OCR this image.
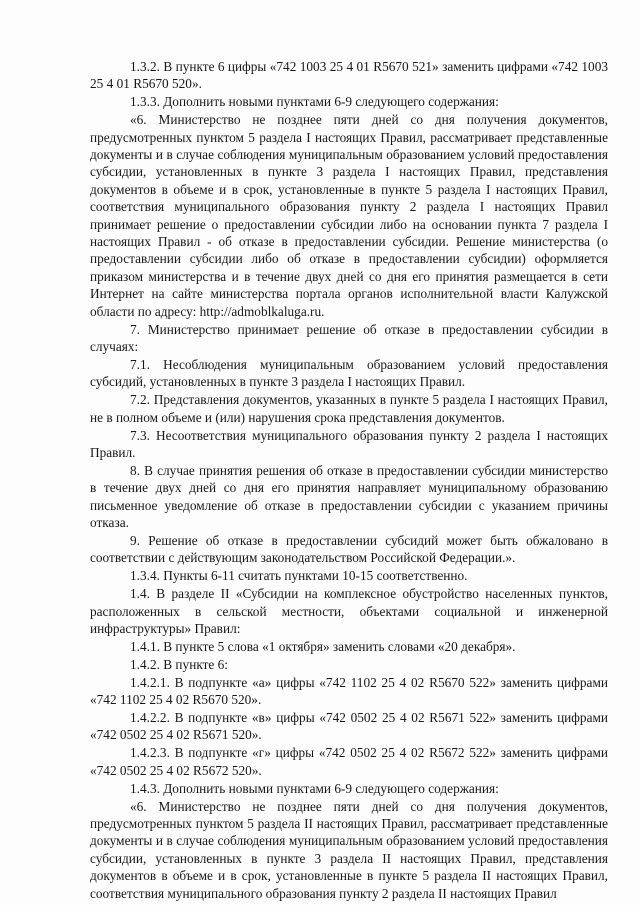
1.3.2. В пункте 6 цифры «742 1003 25 4 01 R5670 521» заменить цифрами «742 1003 25 4 01 R5670 520».

1.3.3. Дополнить новыми пунктами 6-9 следующего содержания:

«6. Министерство не позднее пяти дней со дня получения документов, предусмотренных пунктом 5 раздела I настоящих Правил, рассматривает представленные документы и в случае соблюдения муниципальным образованием условий предоставления субсидии, установленных в пункте 3 раздела I настоящих Правил, представления документов в объеме и в срок, установленные в пункте 5 раздела I настоящих Правил, соответствия муниципального образования пункту 2 раздела I настоящих Правил принимает решение о предоставлении субсидии либо на основании пункта 7 раздела I настоящих Правил - об отказе в предоставлении субсидии. Решение министерства (о предоставлении субсидии либо об отказе в предоставлении субсидии) оформляется приказом министерства и в течение двух дней со дня его принятия размещается в сети Интернет на сайте министерства портала органов исполнительной власти Калужской области по адресу: http://admoblkaluga.ru.

7. Министерство принимает решение об отказе в предоставлении субсидии в случаях:

7.1. Несоблюдения муниципальным образованием условий предоставления субсидий, установленных в пункте 3 раздела I настоящих Правил.

7.2. Представления документов, указанных в пункте 5 раздела I настоящих Правил, не в полном объеме и (или) нарушения срока представления документов.

7.3. Несоответствия муниципального образования пункту 2 раздела I настоящих Правил.

8. В случае принятия решения об отказе в предоставлении субсидии министерство в течение двух дней со дня его принятия направляет муниципальному образованию письменное уведомление об отказе в предоставлении субсидии с указанием причины отказа.

9. Решение об отказе в предоставлении субсидий может быть обжаловано в соответствии с действующим законодательством Российской Федерации.».

1.3.4. Пункты 6-11 считать пунктами 10-15 соответственно.

1.4. В разделе II «Субсидии на комплексное обустройство населенных пунктов, расположенных в сельской местности, объектами социальной и инженерной инфраструктуры» Правил:

1.4.1. В пункте 5 слова «1 октября» заменить словами «20 декабря».

1.4.2. В пункте 6:

1.4.2.1. В подпункте «а» цифры «742 1102 25 4 02 R5670 522» заменить цифрами «742 1102 25 4 02 R5670 520».

1.4.2.2. В подпункте «в» цифры «742 0502 25 4 02 R5671 522» заменить цифрами «742 0502 25 4 02 R5671 520».

1.4.2.3. В подпункте «г» цифры «742 0502 25 4 02 R5672 522» заменить цифрами «742 0502 25 4 02 R5672 520».

1.4.3. Дополнить новыми пунктами 6-9 следующего содержания:

«6. Министерство не позднее пяти дней со дня получения документов, предусмотренных пунктом 5 раздела II настоящих Правил, рассматривает представленные документы и в случае соблюдения муниципальным образованием условий предоставления субсидии, установленных в пункте 3 раздела II настоящих Правил, представления документов в объеме и в срок, установленные в пункте 5 раздела II настоящих Правил, соответствия муниципального образования пункту 2 раздела II настоящих Правил
